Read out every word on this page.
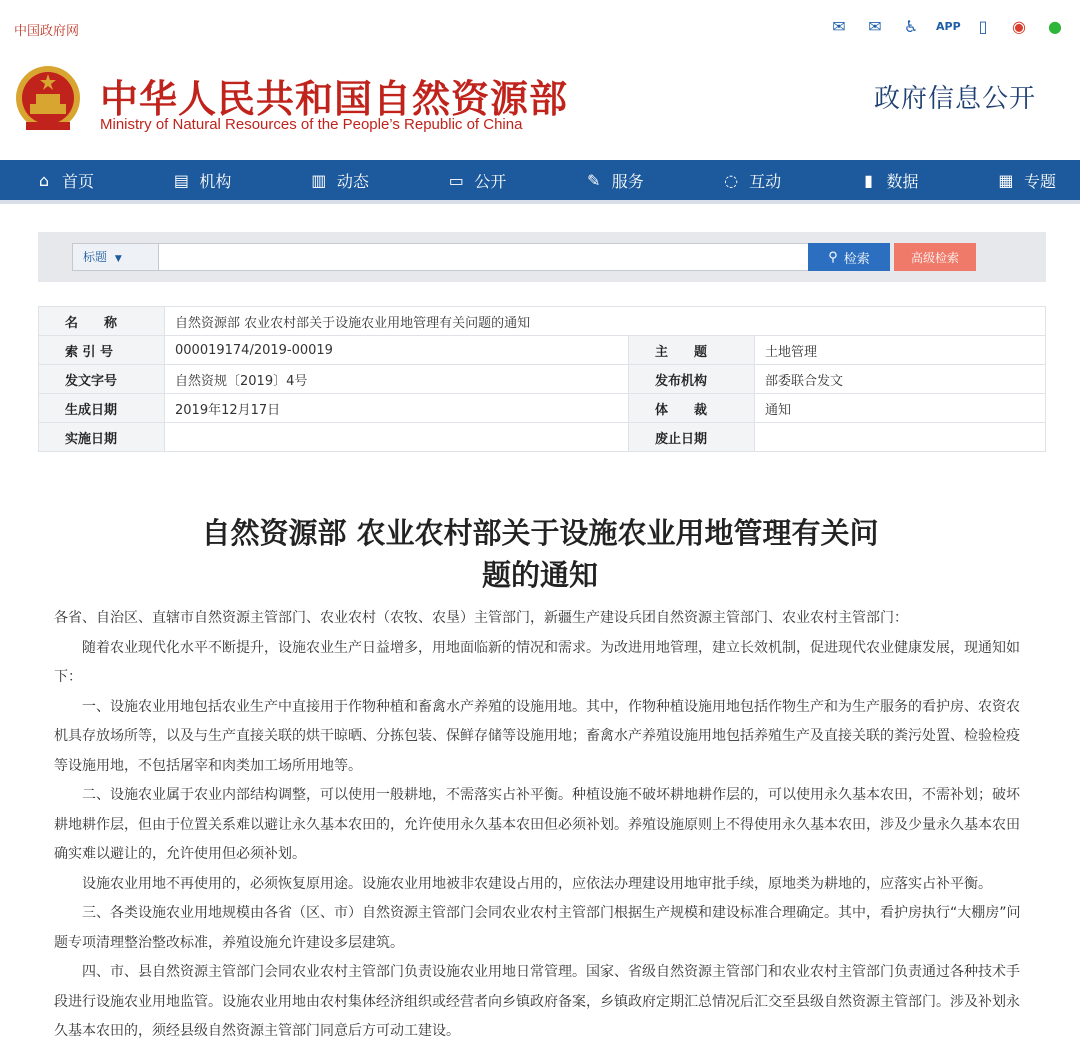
中国政府网	✉ ✉ ♿	APP	▯	◉ ●
中华人民共和国自然资源部
Ministry of Natural Resources of the People’s Republic of China
政府信息公开
⌂ 首页	▤ 机构	▥ 动态	▭ 公开	✎ 服务	◌ 互动	▮ 数据	▦ 专题
标题 ▼	⚲ 检索	高级检索
名　　称	自然资源部 农业农村部关于设施农业用地管理有关问题的通知		
索 引 号	000019174/2019-00019	主　　题	土地管理
发文字号	自然资规〔2019〕4号	发布机构	部委联合发文
生成日期	2019年12月17日	体　　裁	通知
实施日期		废止日期	
自然资源部 农业农村部关于设施农业用地管理有关问
题的通知

各省、自治区、直辖市自然资源主管部门、农业农村（农牧、农垦）主管部门，新疆生产建设兵团自然资源主管部门、农业农村主管部门：

随着农业现代化水平不断提升，设施农业生产日益增多，用地面临新的情况和需求。为改进用地管理，建立长效机制，促进现代农业健康发展，现通知如下：

一、设施农业用地包括农业生产中直接用于作物种植和畜禽水产养殖的设施用地。其中，作物种植设施用地包括作物生产和为生产服务的看护房、农资农机具存放场所等，以及与生产直接关联的烘干晾晒、分拣包装、保鲜存储等设施用地；畜禽水产养殖设施用地包括养殖生产及直接关联的粪污处置、检验检疫等设施用地，不包括屠宰和肉类加工场所用地等。

二、设施农业属于农业内部结构调整，可以使用一般耕地，不需落实占补平衡。种植设施不破坏耕地耕作层的，可以使用永久基本农田，不需补划；破坏耕地耕作层，但由于位置关系难以避让永久基本农田的，允许使用永久基本农田但必须补划。养殖设施原则上不得使用永久基本农田，涉及少量永久基本农田确实难以避让的，允许使用但必须补划。

设施农业用地不再使用的，必须恢复原用途。设施农业用地被非农建设占用的，应依法办理建设用地审批手续，原地类为耕地的，应落实占补平衡。

三、各类设施农业用地规模由各省（区、市）自然资源主管部门会同农业农村主管部门根据生产规模和建设标准合理确定。其中，看护房执行“大棚房”问题专项清理整治整改标准，养殖设施允许建设多层建筑。

四、市、县自然资源主管部门会同农业农村主管部门负责设施农业用地日常管理。国家、省级自然资源主管部门和农业农村主管部门负责通过各种技术手段进行设施农业用地监管。设施农业用地由农村集体经济组织或经营者向乡镇政府备案，乡镇政府定期汇总情况后汇交至县级自然资源主管部门。涉及补划永久基本农田的，须经县级自然资源主管部门同意后方可动工建设。
